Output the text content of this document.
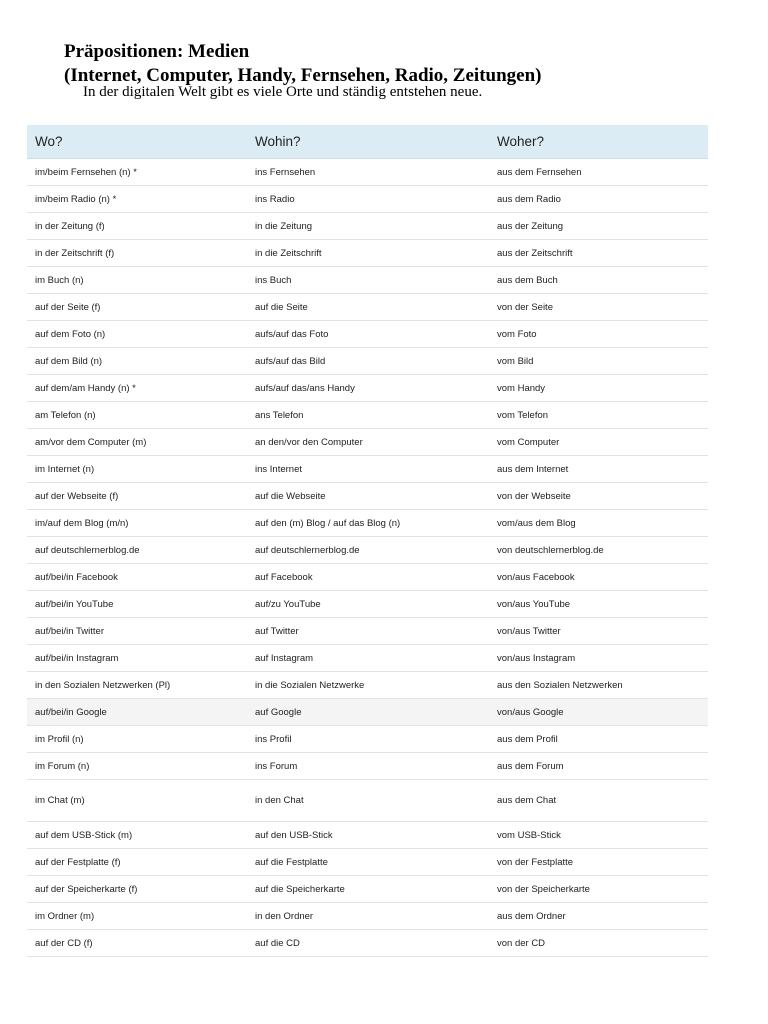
Präpositionen: Medien
(Internet, Computer, Handy, Fernsehen, Radio, Zeitungen)
In der digitalen Welt gibt es viele Orte und ständig entstehen neue.
Wo?	Wohin?	Woher?
im/beim Fernsehen (n) *	ins Fernsehen	aus dem Fernsehen
im/beim Radio (n) *	ins Radio	aus dem Radio
in der Zeitung (f)	in die Zeitung	aus der Zeitung
in der Zeitschrift (f)	in die Zeitschrift	aus der Zeitschrift
im Buch (n)	ins Buch	aus dem Buch
auf der Seite (f)	auf die Seite	von der Seite
auf dem Foto (n)	aufs/auf das Foto	vom Foto
auf dem Bild (n)	aufs/auf das Bild	vom Bild
auf dem/am Handy (n) *	aufs/auf das/ans Handy	vom Handy
am Telefon (n)	ans Telefon	vom Telefon
am/vor dem Computer (m)	an den/vor den Computer	vom Computer
im Internet (n)	ins Internet	aus dem Internet
auf der Webseite (f)	auf die Webseite	von der Webseite
im/auf dem Blog (m/n)	auf den (m) Blog / auf das Blog (n)	vom/aus dem Blog
auf deutschlernerblog.de	auf deutschlernerblog.de	von deutschlernerblog.de
auf/bei/in Facebook	auf Facebook	von/aus Facebook
auf/bei/in YouTube	auf/zu YouTube	von/aus YouTube
auf/bei/in Twitter	auf Twitter	von/aus Twitter
auf/bei/in Instagram	auf Instagram	von/aus Instagram
in den Sozialen Netzwerken (Pl)	in die Sozialen Netzwerke	aus den Sozialen Netzwerken
auf/bei/in Google	auf Google	von/aus Google
im Profil (n)	ins Profil	aus dem Profil
im Forum (n)	ins Forum	aus dem Forum
im Chat (m)	in den Chat	aus dem Chat
auf dem USB-Stick (m)	auf den USB-Stick	vom USB-Stick
auf der Festplatte (f)	auf die Festplatte	von der Festplatte
auf der Speicherkarte (f)	auf die Speicherkarte	von der Speicherkarte
im Ordner (m)	in den Ordner	aus dem Ordner
auf der CD (f)	auf die CD	von der CD
